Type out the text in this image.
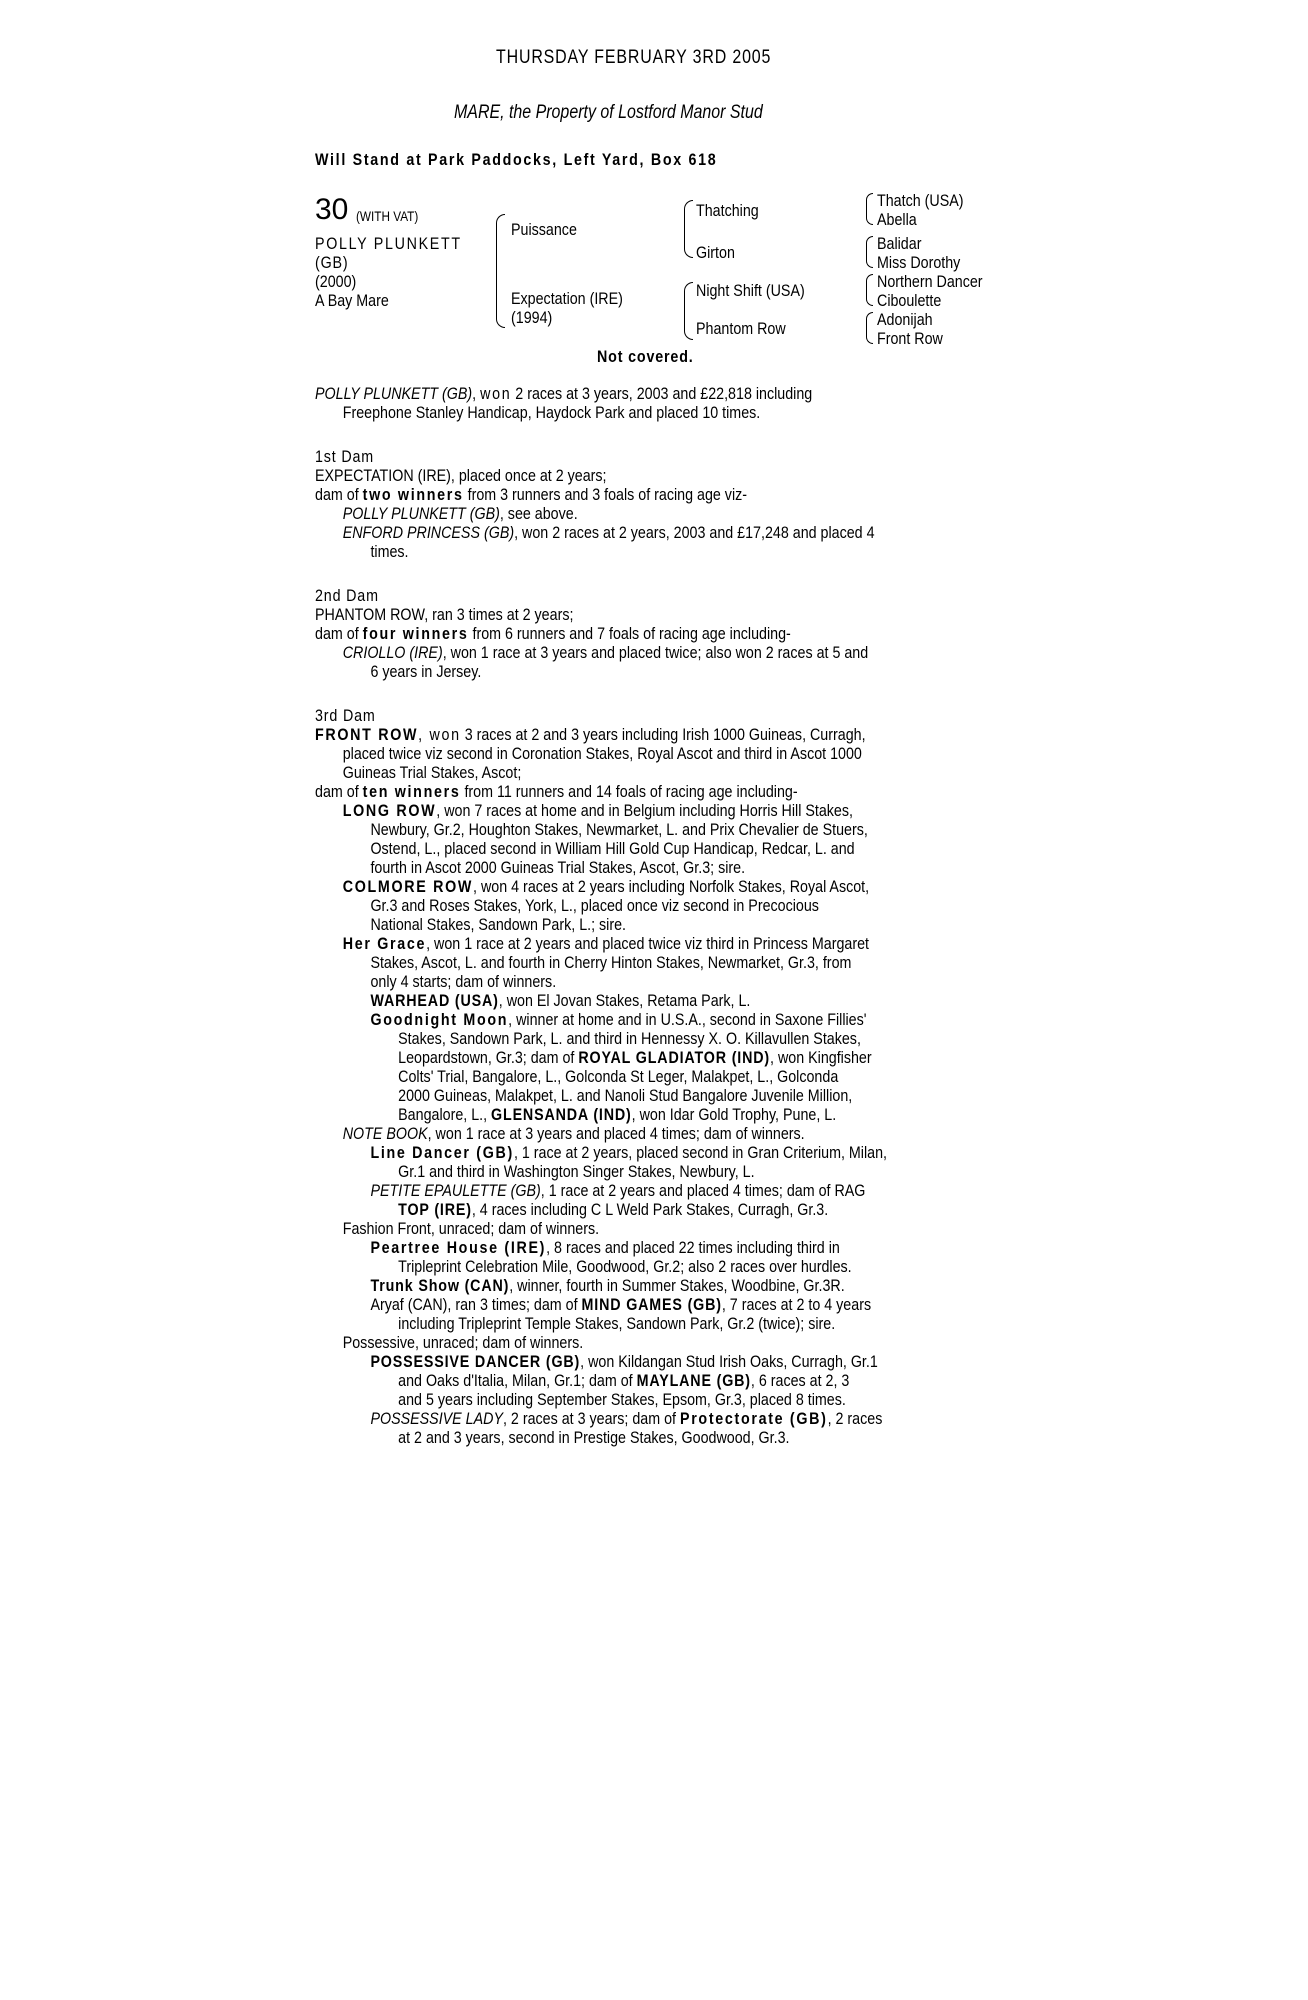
THURSDAY FEBRUARY 3RD 2005
MARE, the Property of Lostford Manor Stud
Will Stand at Park Paddocks, Left Yard, Box 618
30 (WITH VAT)
POLLY PLUNKETT
(GB)
(2000)
A Bay Mare
Puissance
Expectation (IRE)
(1994)
Thatching
Girton
Night Shift (USA)
Phantom Row
Thatch (USA)
Abella
Balidar
Miss Dorothy
Northern Dancer
Ciboulette
Adonijah
Front Row
Not covered.
POLLY PLUNKETT (GB), won 2 races at 3 years, 2003 and £22,818 including
Freephone Stanley Handicap, Haydock Park and placed 10 times.
1st Dam
EXPECTATION (IRE), placed once at 2 years;
dam of two winners from 3 runners and 3 foals of racing age viz-
POLLY PLUNKETT (GB), see above.
ENFORD PRINCESS (GB), won 2 races at 2 years, 2003 and £17,248 and placed 4
times.
2nd Dam
PHANTOM ROW, ran 3 times at 2 years;
dam of four winners from 6 runners and 7 foals of racing age including-
CRIOLLO (IRE), won 1 race at 3 years and placed twice; also won 2 races at 5 and
6 years in Jersey.
3rd Dam
FRONT ROW, won 3 races at 2 and 3 years including Irish 1000 Guineas, Curragh,
placed twice viz second in Coronation Stakes, Royal Ascot and third in Ascot 1000
Guineas Trial Stakes, Ascot;
dam of ten winners from 11 runners and 14 foals of racing age including-
LONG ROW, won 7 races at home and in Belgium including Horris Hill Stakes,
Newbury, Gr.2, Houghton Stakes, Newmarket, L. and Prix Chevalier de Stuers,
Ostend, L., placed second in William Hill Gold Cup Handicap, Redcar, L. and
fourth in Ascot 2000 Guineas Trial Stakes, Ascot, Gr.3; sire.
COLMORE ROW, won 4 races at 2 years including Norfolk Stakes, Royal Ascot,
Gr.3 and Roses Stakes, York, L., placed once viz second in Precocious
National Stakes, Sandown Park, L.; sire.
Her Grace, won 1 race at 2 years and placed twice viz third in Princess Margaret
Stakes, Ascot, L. and fourth in Cherry Hinton Stakes, Newmarket, Gr.3, from
only 4 starts; dam of winners.
WARHEAD (USA), won El Jovan Stakes, Retama Park, L.
Goodnight Moon, winner at home and in U.S.A., second in Saxone Fillies'
Stakes, Sandown Park, L. and third in Hennessy X. O. Killavullen Stakes,
Leopardstown, Gr.3; dam of ROYAL GLADIATOR (IND), won Kingfisher
Colts' Trial, Bangalore, L., Golconda St Leger, Malakpet, L., Golconda
2000 Guineas, Malakpet, L. and Nanoli Stud Bangalore Juvenile Million,
Bangalore, L., GLENSANDA (IND), won Idar Gold Trophy, Pune, L.
NOTE BOOK, won 1 race at 3 years and placed 4 times; dam of winners.
Line Dancer (GB), 1 race at 2 years, placed second in Gran Criterium, Milan,
Gr.1 and third in Washington Singer Stakes, Newbury, L.
PETITE EPAULETTE (GB), 1 race at 2 years and placed 4 times; dam of RAG
TOP (IRE), 4 races including C L Weld Park Stakes, Curragh, Gr.3.
Fashion Front, unraced; dam of winners.
Peartree House (IRE), 8 races and placed 22 times including third in
Tripleprint Celebration Mile, Goodwood, Gr.2; also 2 races over hurdles.
Trunk Show (CAN), winner, fourth in Summer Stakes, Woodbine, Gr.3R.
Aryaf (CAN), ran 3 times; dam of MIND GAMES (GB), 7 races at 2 to 4 years
including Tripleprint Temple Stakes, Sandown Park, Gr.2 (twice); sire.
Possessive, unraced; dam of winners.
POSSESSIVE DANCER (GB), won Kildangan Stud Irish Oaks, Curragh, Gr.1
and Oaks d'Italia, Milan, Gr.1; dam of MAYLANE (GB), 6 races at 2, 3
and 5 years including September Stakes, Epsom, Gr.3, placed 8 times.
POSSESSIVE LADY, 2 races at 3 years; dam of Protectorate (GB), 2 races
at 2 and 3 years, second in Prestige Stakes, Goodwood, Gr.3.
